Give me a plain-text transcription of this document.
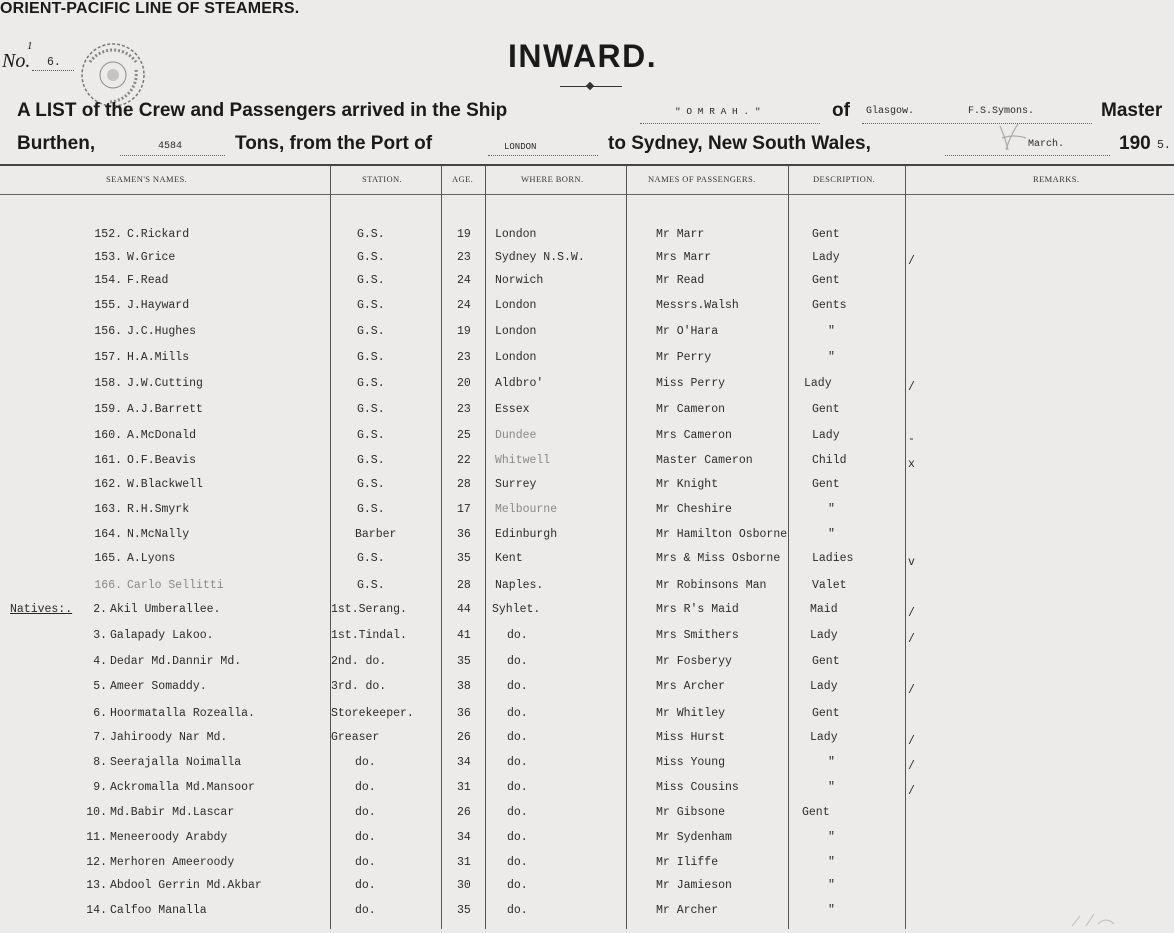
ORIENT-PACIFIC LINE OF STEAMERS.
No.
1
6.	INWARD.
A LIST of the Crew and Passengers arrived in the Ship	" O M R A H . "	of Glasgow.	F.S.Symons.	Master
Burthen,	4584	Tons, from the Port of	LONDON	to Sydney, New South Wales,	March.	190 5.
SEAMEN'S NAMES.	STATION.	AGE.	WHERE BORN.	NAMES OF PASSENGERS.	DESCRIPTION.	REMARKS.
Natives:.
152. C.Rickard	G.S.	19 London	Mr Marr	Gent
153. W.Grice	G.S.	23 Sydney N.S.W.	Mrs Marr	Lady	/
154. F.Read	G.S.	24 Norwich	Mr Read	Gent
155. J.Hayward	G.S.	24 London	Messrs.Walsh	Gents
156. J.C.Hughes	G.S.	19 London	Mr O'Hara	"
157. H.A.Mills	G.S.	23 London	Mr Perry	"
158. J.W.Cutting	G.S.	20 Aldbro'	Miss Perry	Lady	/
159. A.J.Barrett	G.S.	23 Essex	Mr Cameron	Gent
160. A.McDonald	G.S.	25 Dundee	Mrs Cameron	Lady	-
161. O.F.Beavis	G.S.	22 Whitwell	Master Cameron	Child	x
162. W.Blackwell	G.S.	28 Surrey	Mr Knight	Gent
163. R.H.Smyrk	G.S.	17 Melbourne	Mr Cheshire	"
164. N.McNally	Barber	36 Edinburgh	Mr Hamilton Osborne	"
165. A.Lyons	G.S.	35 Kent	Mrs & Miss Osborne	Ladies	v
166. Carlo Sellitti	G.S.	28 Naples.	Mr Robinsons Man	Valet
2. Akil Umberallee.	1st.Serang.	44 Syhlet.	Mrs R's Maid	Maid	/
3. Galapady Lakoo.	1st.Tindal.	41	do.	Mrs Smithers	Lady	/
4. Dedar Md.Dannir Md.	2nd. do.	35	do.	Mr Fosberyy	Gent
5. Ameer Somaddy.	3rd. do.	38	do.	Mrs Archer	Lady	/
6. Hoormatalla Rozealla.	Storekeeper.	36	do.	Mr Whitley	Gent
7. Jahiroody Nar Md.	Greaser	26	do.	Miss Hurst	Lady	/
8. Seerajalla Noimalla	do.	34	do.	Miss Young	"	/
9. Ackromalla Md.Mansoor	do.	31	do.	Miss Cousins	"	/
10. Md.Babir Md.Lascar	do.	26	do.	Mr Gibsone	Gent
11. Meneeroody Arabdy	do.	34	do.	Mr Sydenham	"
12. Merhoren Ameeroody	do.	31	do.	Mr Iliffe	"
13. Abdool Gerrin Md.Akbar	do.	30	do.	Mr Jamieson	"
14. Calfoo Manalla	do.	35	do.	Mr Archer	"
